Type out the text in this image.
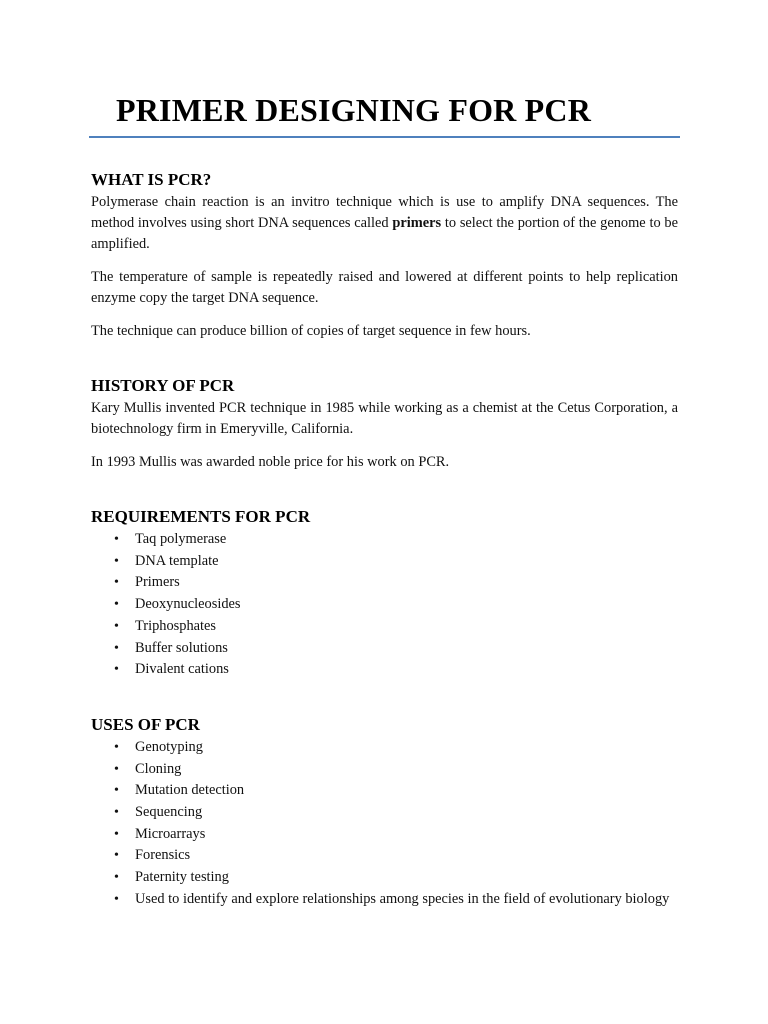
PRIMER DESIGNING FOR PCR
WHAT IS PCR?

Polymerase chain reaction is an invitro technique which is use to amplify DNA sequences. The method involves using short DNA sequences called primers to select the portion of the genome to be amplified.

The temperature of sample is repeatedly raised and lowered at different points to help replication enzyme copy the target DNA sequence.

The technique can produce billion of copies of target sequence in few hours.

HISTORY OF PCR

Kary Mullis invented PCR technique in 1985 while working as a chemist at the Cetus Corporation, a biotechnology firm in Emeryville, California.

In 1993 Mullis was awarded noble price for his work on PCR.

REQUIREMENTS FOR PCR
• Taq polymerase
• DNA template
• Primers
• Deoxynucleosides
• Triphosphates
• Buffer solutions
• Divalent cations
USES OF PCR
• Genotyping
• Cloning
• Mutation detection
• Sequencing
• Microarrays
• Forensics
• Paternity testing
• Used to identify and explore relationships among species in the field of evolutionary biology
